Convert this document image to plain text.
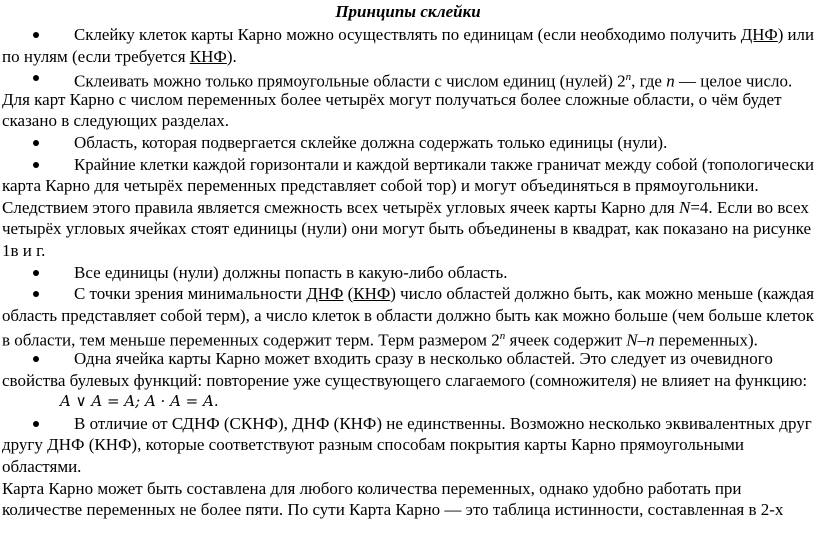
Принципы склейки
Склейку клеток карты Карно можно осуществлять по единицам (если необходимо получить ДНФ) или
по нулям (если требуется КНФ).
Склеивать можно только прямоугольные области с числом единиц (нулей) 2$^n$, где n — целое число.
Для карт Карно с числом переменных более четырёх могут получаться более сложные области, о чём будет
сказано в следующих разделах.
Область, которая подвергается склейке должна содержать только единицы (нули).
Крайние клетки каждой горизонтали и каждой вертикали также граничат между собой (топологически
карта Карно для четырёх переменных представляет собой тор) и могут объединяться в прямоугольники.
Следствием этого правила является смежность всех четырёх угловых ячеек карты Карно для N=4. Если во всех
четырёх угловых ячейках стоят единицы (нули) они могут быть объединены в квадрат, как показано на рисунке
1в и г.
Все единицы (нули) должны попасть в какую-либо область.
С точки зрения минимальности ДНФ (КНФ) число областей должно быть, как можно меньше (каждая
область представляет собой терм), а число клеток в области должно быть как можно больше (чем больше клеток
в области, тем меньше переменных содержит терм. Терм размером 2$^n$ ячеек содержит N–n переменных).
Одна ячейка карты Карно может входить сразу в несколько областей. Это следует из очевидного
свойства булевых функций: повторение уже существующего слагаемого (сомножителя) не влияет на функцию:
A ∨ A = A; A · A = A.
В отличие от СДНФ (СКНФ), ДНФ (КНФ) не единственны. Возможно несколько эквивалентных друг
другу ДНФ (КНФ), которые соответствуют разным способам покрытия карты Карно прямоугольными
областями.
Карта Карно может быть составлена для любого количества переменных, однако удобно работать при
количестве переменных не более пяти. По сути Карта Карно — это таблица истинности, составленная в 2-х
